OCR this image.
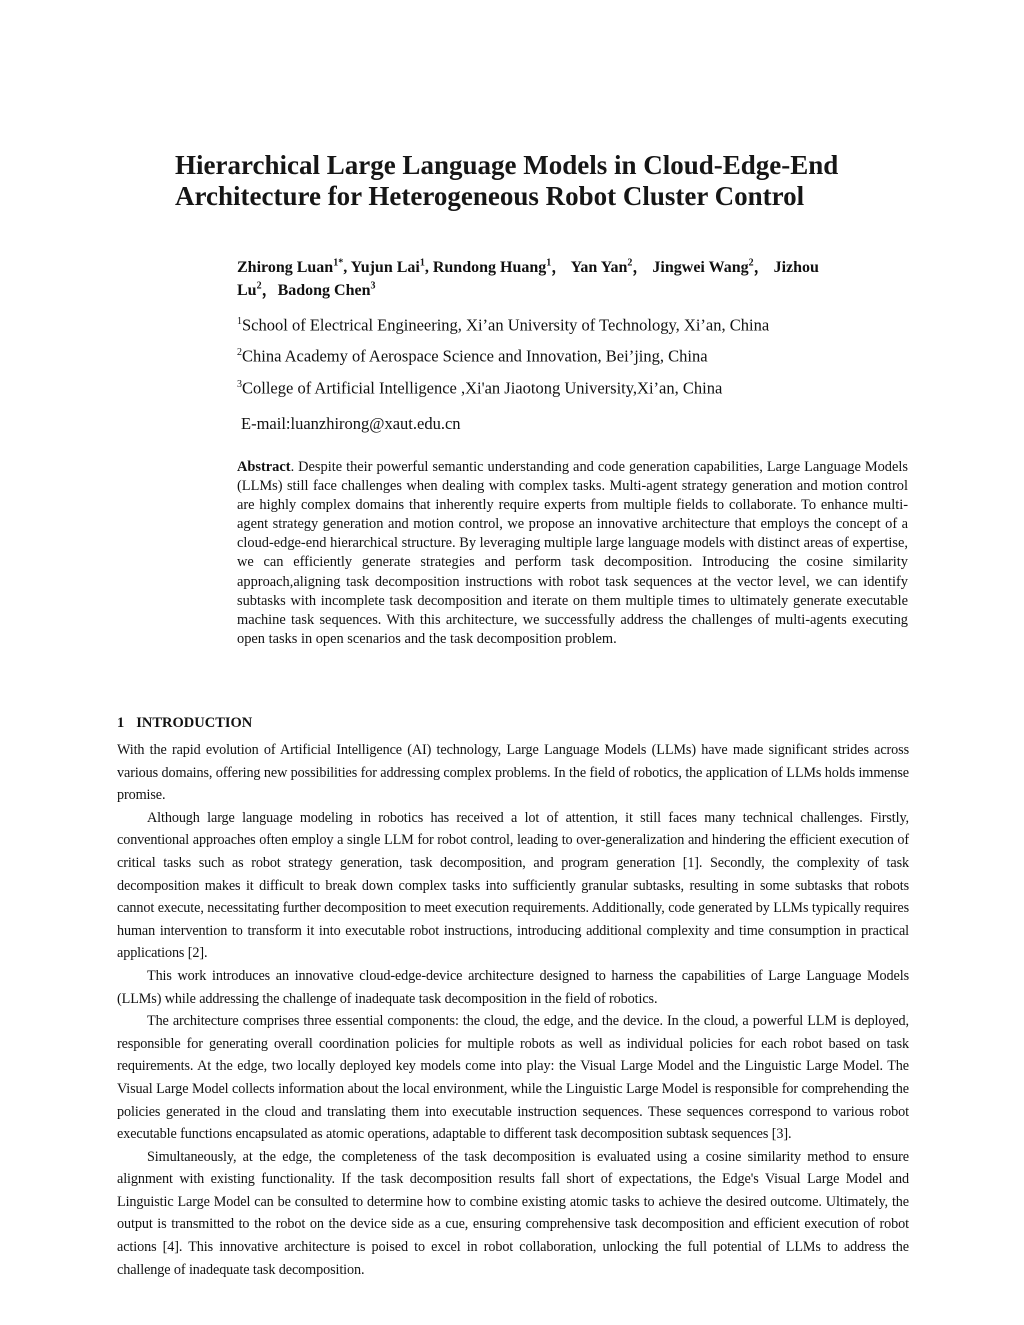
Hierarchical Large Language Models in Cloud-Edge-End
Architecture for Heterogeneous Robot Cluster Control
Zhirong Luan$^{1*}$, Yujun Lai$^1$, Rundong Huang$^1$， Yan Yan$^2$， Jingwei Wang$^2$， Jizhou Lu$^2$，Badong Chen$^3$
$^1$School of Electrical Engineering, Xi’an University of Technology, Xi’an, China
$^2$China Academy of Aerospace Science and Innovation, Bei’jing, China
$^3$College of Artificial Intelligence ,Xi'an Jiaotong University,Xi’an, China
E-mail:luanzhirong@xaut.edu.cn
Abstract. Despite their powerful semantic understanding and code generation capabilities, Large Language Models (LLMs) still face challenges when dealing with complex tasks. Multi-agent strategy generation and motion control are highly complex domains that inherently require experts from multiple fields to collaborate. To enhance multi-agent strategy generation and motion control, we propose an innovative architecture that employs the concept of a cloud-edge-end hierarchical structure. By leveraging multiple large language models with distinct areas of expertise, we can efficiently generate strategies and perform task decomposition. Introducing the cosine similarity approach,aligning task decomposition instructions with robot task sequences at the vector level, we can identify subtasks with incomplete task decomposition and iterate on them multiple times to ultimately generate executable machine task sequences. With this architecture, we successfully address the challenges of multi-agents executing open tasks in open scenarios and the task decomposition problem.
1 INTRODUCTION

With the rapid evolution of Artificial Intelligence (AI) technology, Large Language Models (LLMs) have made significant strides across various domains, offering new possibilities for addressing complex problems. In the field of robotics, the application of LLMs holds immense promise.

Although large language modeling in robotics has received a lot of attention, it still faces many technical challenges. Firstly, conventional approaches often employ a single LLM for robot control, leading to over-generalization and hindering the efficient execution of critical tasks such as robot strategy generation, task decomposition, and program generation [1]. Secondly, the complexity of task decomposition makes it difficult to break down complex tasks into sufficiently granular subtasks, resulting in some subtasks that robots cannot execute, necessitating further decomposition to meet execution requirements. Additionally, code generated by LLMs typically requires human intervention to transform it into executable robot instructions, introducing additional complexity and time consumption in practical applications [2].

This work introduces an innovative cloud-edge-device architecture designed to harness the capabilities of Large Language Models (LLMs) while addressing the challenge of inadequate task decomposition in the field of robotics.

The architecture comprises three essential components: the cloud, the edge, and the device. In the cloud, a powerful LLM is deployed, responsible for generating overall coordination policies for multiple robots as well as individual policies for each robot based on task requirements. At the edge, two locally deployed key models come into play: the Visual Large Model and the Linguistic Large Model. The Visual Large Model collects information about the local environment, while the Linguistic Large Model is responsible for comprehending the policies generated in the cloud and translating them into executable instruction sequences. These sequences correspond to various robot executable functions encapsulated as atomic operations, adaptable to different task decomposition subtask sequences [3].

Simultaneously, at the edge, the completeness of the task decomposition is evaluated using a cosine similarity method to ensure alignment with existing functionality. If the task decomposition results fall short of expectations, the Edge's Visual Large Model and Linguistic Large Model can be consulted to determine how to combine existing atomic tasks to achieve the desired outcome. Ultimately, the output is transmitted to the robot on the device side as a cue, ensuring comprehensive task decomposition and efficient execution of robot actions [4]. This innovative architecture is poised to excel in robot collaboration, unlocking the full potential of LLMs to address the challenge of inadequate task decomposition.
